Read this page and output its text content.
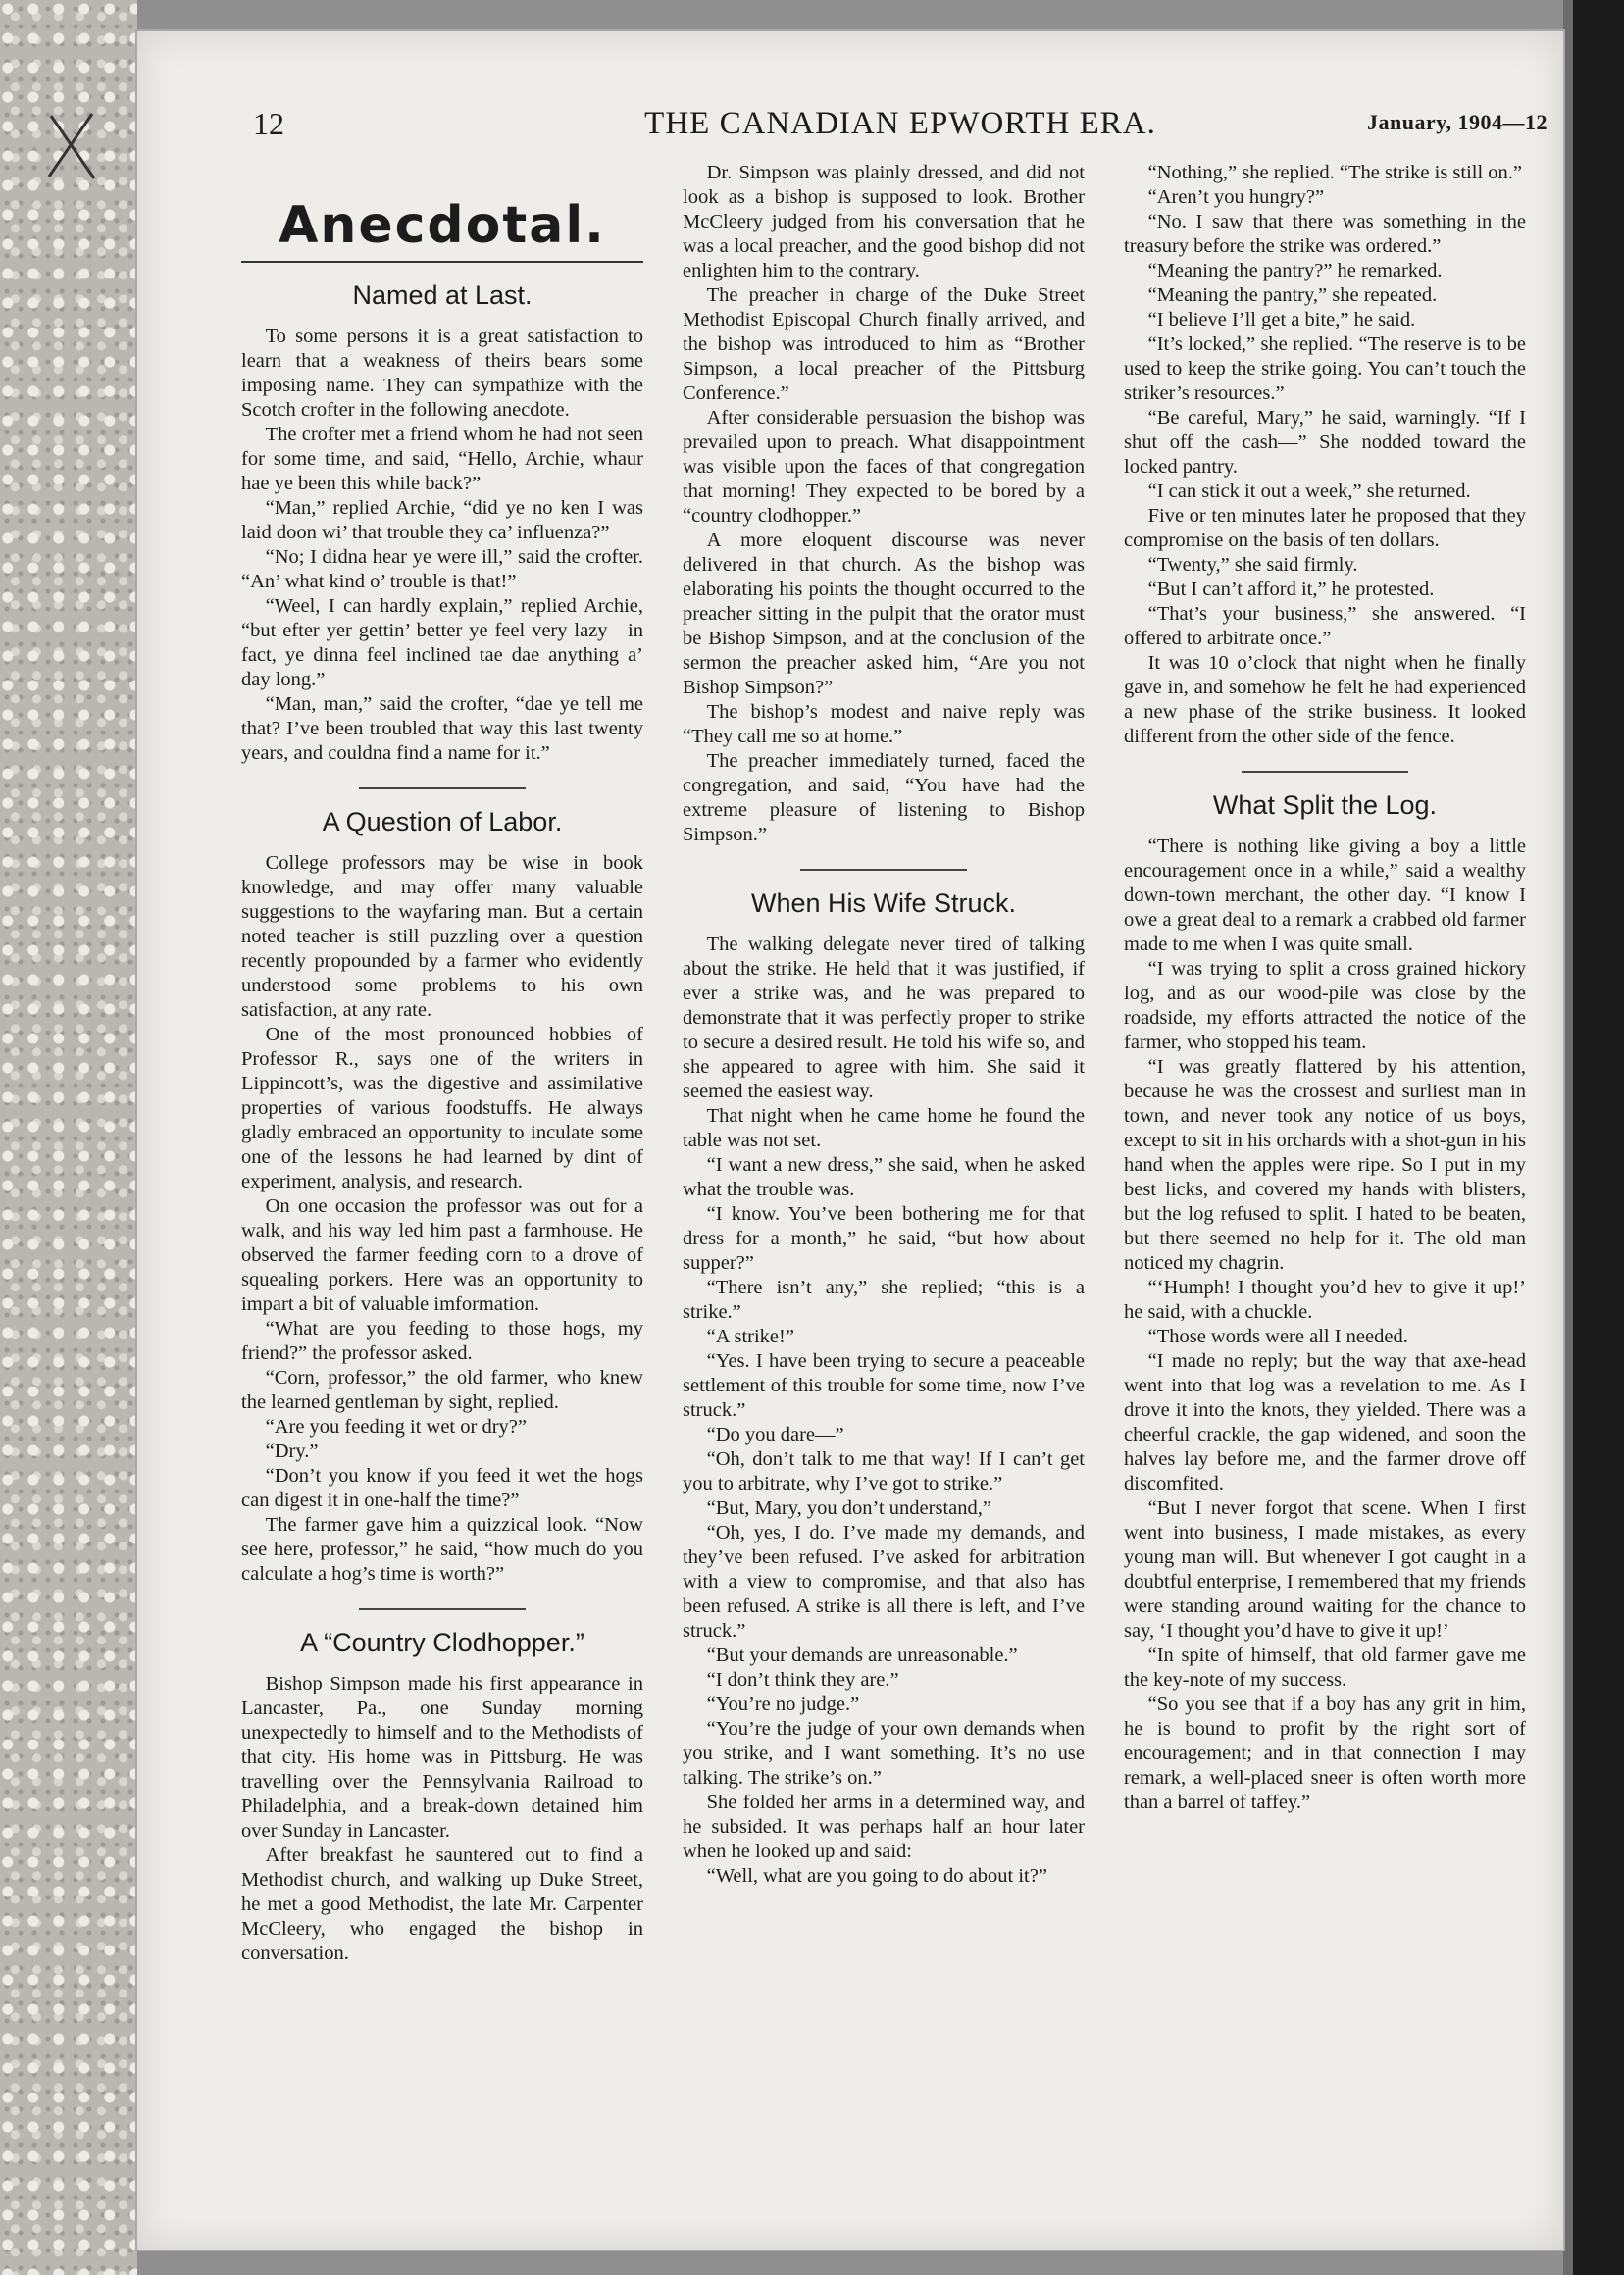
12	THE CANADIAN EPWORTH ERA.	January, 1904—12
Anecdotal.
Named at Last.

To some persons it is a great satisfaction to learn that a weakness of theirs bears some imposing name. They can sympathize with the Scotch crofter in the following anecdote.

The crofter met a friend whom he had not seen for some time, and said, “Hello, Archie, whaur hae ye been this while back?”

“Man,” replied Archie, “did ye no ken I was laid doon wi’ that trouble they ca’ influenza?”

“No; I didna hear ye were ill,” said the crofter. “An’ what kind o’ trouble is that!”

“Weel, I can hardly explain,” replied Archie, “but efter yer gettin’ better ye feel very lazy—in fact, ye dinna feel inclined tae dae anything a’ day long.”

“Man, man,” said the crofter, “dae ye tell me that? I’ve been troubled that way this last twenty years, and couldna find a name for it.”

A Question of Labor.

College professors may be wise in book knowledge, and may offer many valuable suggestions to the wayfaring man. But a certain noted teacher is still puzzling over a question recently propounded by a farmer who evidently understood some problems to his own satisfaction, at any rate.

One of the most pronounced hobbies of Professor R., says one of the writers in Lippincott’s, was the digestive and assimilative properties of various foodstuffs. He always gladly embraced an opportunity to inculate some one of the lessons he had learned by dint of experiment, analysis, and research.

On one occasion the professor was out for a walk, and his way led him past a farmhouse. He observed the farmer feeding corn to a drove of squealing porkers. Here was an opportunity to impart a bit of valuable imformation.

“What are you feeding to those hogs, my friend?” the professor asked.

“Corn, professor,” the old farmer, who knew the learned gentleman by sight, replied.

“Are you feeding it wet or dry?”

“Dry.”

“Don’t you know if you feed it wet the hogs can digest it in one-half the time?”

The farmer gave him a quizzical look. “Now see here, professor,” he said, “how much do you calculate a hog’s time is worth?”

A “Country Clodhopper.”

Bishop Simpson made his first appearance in Lancaster, Pa., one Sunday morning unexpectedly to himself and to the Methodists of that city. His home was in Pittsburg. He was travelling over the Pennsylvania Railroad to Philadelphia, and a break-down detained him over Sunday in Lancaster.

After breakfast he sauntered out to find a Methodist church, and walking up Duke Street, he met a good Methodist, the late Mr. Carpenter McCleery, who engaged the bishop in conversation.

Dr. Simpson was plainly dressed, and did not look as a bishop is supposed to look. Brother McCleery judged from his conversation that he was a local preacher, and the good bishop did not enlighten him to the contrary.

The preacher in charge of the Duke Street Methodist Episcopal Church finally arrived, and the bishop was introduced to him as “Brother Simpson, a local preacher of the Pittsburg Conference.”

After considerable persuasion the bishop was prevailed upon to preach. What disappointment was visible upon the faces of that congregation that morning! They expected to be bored by a “country clodhopper.”

A more eloquent discourse was never delivered in that church. As the bishop was elaborating his points the thought occurred to the preacher sitting in the pulpit that the orator must be Bishop Simpson, and at the conclusion of the sermon the preacher asked him, “Are you not Bishop Simpson?”

The bishop’s modest and naive reply was “They call me so at home.”

The preacher immediately turned, faced the congregation, and said, “You have had the extreme pleasure of listening to Bishop Simpson.”

When His Wife Struck.

The walking delegate never tired of talking about the strike. He held that it was justified, if ever a strike was, and he was prepared to demonstrate that it was perfectly proper to strike to secure a desired result. He told his wife so, and she appeared to agree with him. She said it seemed the easiest way.

That night when he came home he found the table was not set.

“I want a new dress,” she said, when he asked what the trouble was.

“I know. You’ve been bothering me for that dress for a month,” he said, “but how about supper?”

“There isn’t any,” she replied; “this is a strike.”

“A strike!”

“Yes. I have been trying to secure a peaceable settlement of this trouble for some time, now I’ve struck.”

“Do you dare—”

“Oh, don’t talk to me that way! If I can’t get you to arbitrate, why I’ve got to strike.”

“But, Mary, you don’t understand,”

“Oh, yes, I do. I’ve made my demands, and they’ve been refused. I’ve asked for arbitration with a view to compromise, and that also has been refused. A strike is all there is left, and I’ve struck.”

“But your demands are unreasonable.”

“I don’t think they are.”

“You’re no judge.”

“You’re the judge of your own demands when you strike, and I want something. It’s no use talking. The strike’s on.”

She folded her arms in a determined way, and he subsided. It was perhaps half an hour later when he looked up and said:

“Well, what are you going to do about it?”

“Nothing,” she replied. “The strike is still on.”

“Aren’t you hungry?”

“No. I saw that there was something in the treasury before the strike was ordered.”

“Meaning the pantry?” he remarked.

“Meaning the pantry,” she repeated.

“I believe I’ll get a bite,” he said.

“It’s locked,” she replied. “The reserve is to be used to keep the strike going. You can’t touch the striker’s resources.”

“Be careful, Mary,” he said, warningly. “If I shut off the cash—” She nodded toward the locked pantry.

“I can stick it out a week,” she returned.

Five or ten minutes later he proposed that they compromise on the basis of ten dollars.

“Twenty,” she said firmly.

“But I can’t afford it,” he protested.

“That’s your business,” she answered. “I offered to arbitrate once.”

It was 10 o’clock that night when he finally gave in, and somehow he felt he had experienced a new phase of the strike business. It looked different from the other side of the fence.

What Split the Log.

“There is nothing like giving a boy a little encouragement once in a while,” said a wealthy down-town merchant, the other day. “I know I owe a great deal to a remark a crabbed old farmer made to me when I was quite small.

“I was trying to split a cross grained hickory log, and as our wood-pile was close by the roadside, my efforts attracted the notice of the farmer, who stopped his team.

“I was greatly flattered by his attention, because he was the crossest and surliest man in town, and never took any notice of us boys, except to sit in his orchards with a shot-gun in his hand when the apples were ripe. So I put in my best licks, and covered my hands with blisters, but the log refused to split. I hated to be beaten, but there seemed no help for it. The old man noticed my chagrin.

“‘Humph! I thought you’d hev to give it up!’ he said, with a chuckle.

“Those words were all I needed.

“I made no reply; but the way that axe-head went into that log was a revelation to me. As I drove it into the knots, they yielded. There was a cheerful crackle, the gap widened, and soon the halves lay before me, and the farmer drove off discomfited.

“But I never forgot that scene. When I first went into business, I made mistakes, as every young man will. But whenever I got caught in a doubtful enterprise, I remembered that my friends were standing around waiting for the chance to say, ‘I thought you’d have to give it up!’

“In spite of himself, that old farmer gave me the key-note of my success.

“So you see that if a boy has any grit in him, he is bound to profit by the right sort of encouragement; and in that connection I may remark, a well-placed sneer is often worth more than a barrel of taffey.”
